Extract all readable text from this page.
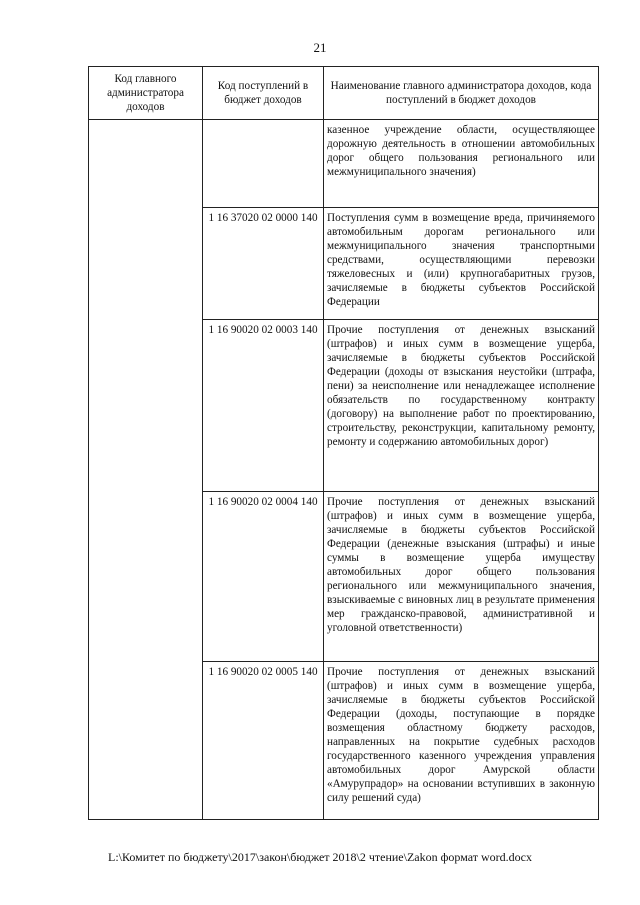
21
Код главного администратора доходов	Код поступлений в бюджет доходов	Наименование главного администратора доходов, кода поступлений в бюджет доходов
		казенное учреждение области, осуществляющее дорожную деятельность в отношении автомобильных дорог общего пользования регионального или межмуниципального значения)
	1 16 37020 02 0000 140	Поступления сумм в возмещение вреда, причиняемого автомобильным дорогам регионального или межмуниципального значения транспортными средствами, осуществляющими перевозки тяжеловесных и (или) крупногабаритных грузов, зачисляемые в бюджеты субъектов Российской Федерации
	1 16 90020 02 0003 140	Прочие поступления от денежных взысканий (штрафов) и иных сумм в возмещение ущерба, зачисляемые в бюджеты субъектов Российской Федерации (доходы от взыскания неустойки (штрафа, пени) за неисполнение или ненадлежащее исполнение обязательств по государственному контракту (договору) на выполнение работ по проектированию, строительству, реконструкции, капитальному ремонту, ремонту и содержанию автомобильных дорог)
	1 16 90020 02 0004 140	Прочие поступления от денежных взысканий (штрафов) и иных сумм в возмещение ущерба, зачисляемые в бюджеты субъектов Российской Федерации (денежные взыскания (штрафы) и иные суммы в возмещение ущерба имуществу автомобильных дорог общего пользования регионального или межмуниципального значения, взыскиваемые с виновных лиц в результате применения мер гражданско-правовой, административной и уголовной ответственности)
	1 16 90020 02 0005 140	Прочие поступления от денежных взысканий (штрафов) и иных сумм в возмещение ущерба, зачисляемые в бюджеты субъектов Российской Федерации (доходы, поступающие в порядке возмещения областному бюджету расходов, направленных на покрытие судебных расходов государственного казенного учреждения управления автомобильных дорог Амурской области «Амурупрадор» на основании вступивших в законную силу решений суда)
L:\Комитет по бюджету\2017\закон\бюджет 2018\2 чтение\Zakon формат word.docx
